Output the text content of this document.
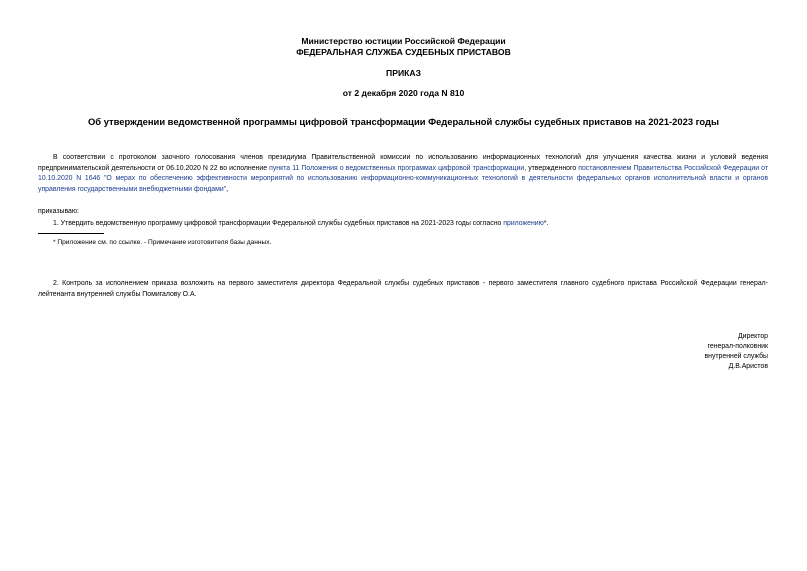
Министерство юстиции Российской Федерации
ФЕДЕРАЛЬНАЯ СЛУЖБА СУДЕБНЫХ ПРИСТАВОВ
ПРИКАЗ
от 2 декабря 2020 года N 810
Об утверждении ведомственной программы цифровой трансформации Федеральной службы судебных приставов на 2021-2023 годы
В соответствии с протоколом заочного голосования членов президиума Правительственной комиссии по использованию информационных технологий для улучшения качества жизни и условий ведения предпринимательской деятельности от 06.10.2020 N 22 во исполнение пункта 11 Положения о ведомственных программах цифровой трансформации, утвержденного постановлением Правительства Российской Федерации от 10.10.2020 N 1646 "О мерах по обеспечению эффективности мероприятий по использованию информационно-коммуникационных технологий в деятельности федеральных органов исполнительной власти и органов управления государственными внебюджетными фондами",
приказываю:
1. Утвердить ведомственную программу цифровой трансформации Федеральной службы судебных приставов на 2021-2023 годы согласно приложению*.
* Приложение см. по ссылке. - Примечание изготовителя базы данных.
2. Контроль за исполнением приказа возложить на первого заместителя директора Федеральной службы судебных приставов - первого заместителя главного судебного пристава Российской Федерации генерал-лейтенанта внутренней службы Помигалову О.А.
Директор
генерал-полковник
внутренней службы
Д.В.Аристов
